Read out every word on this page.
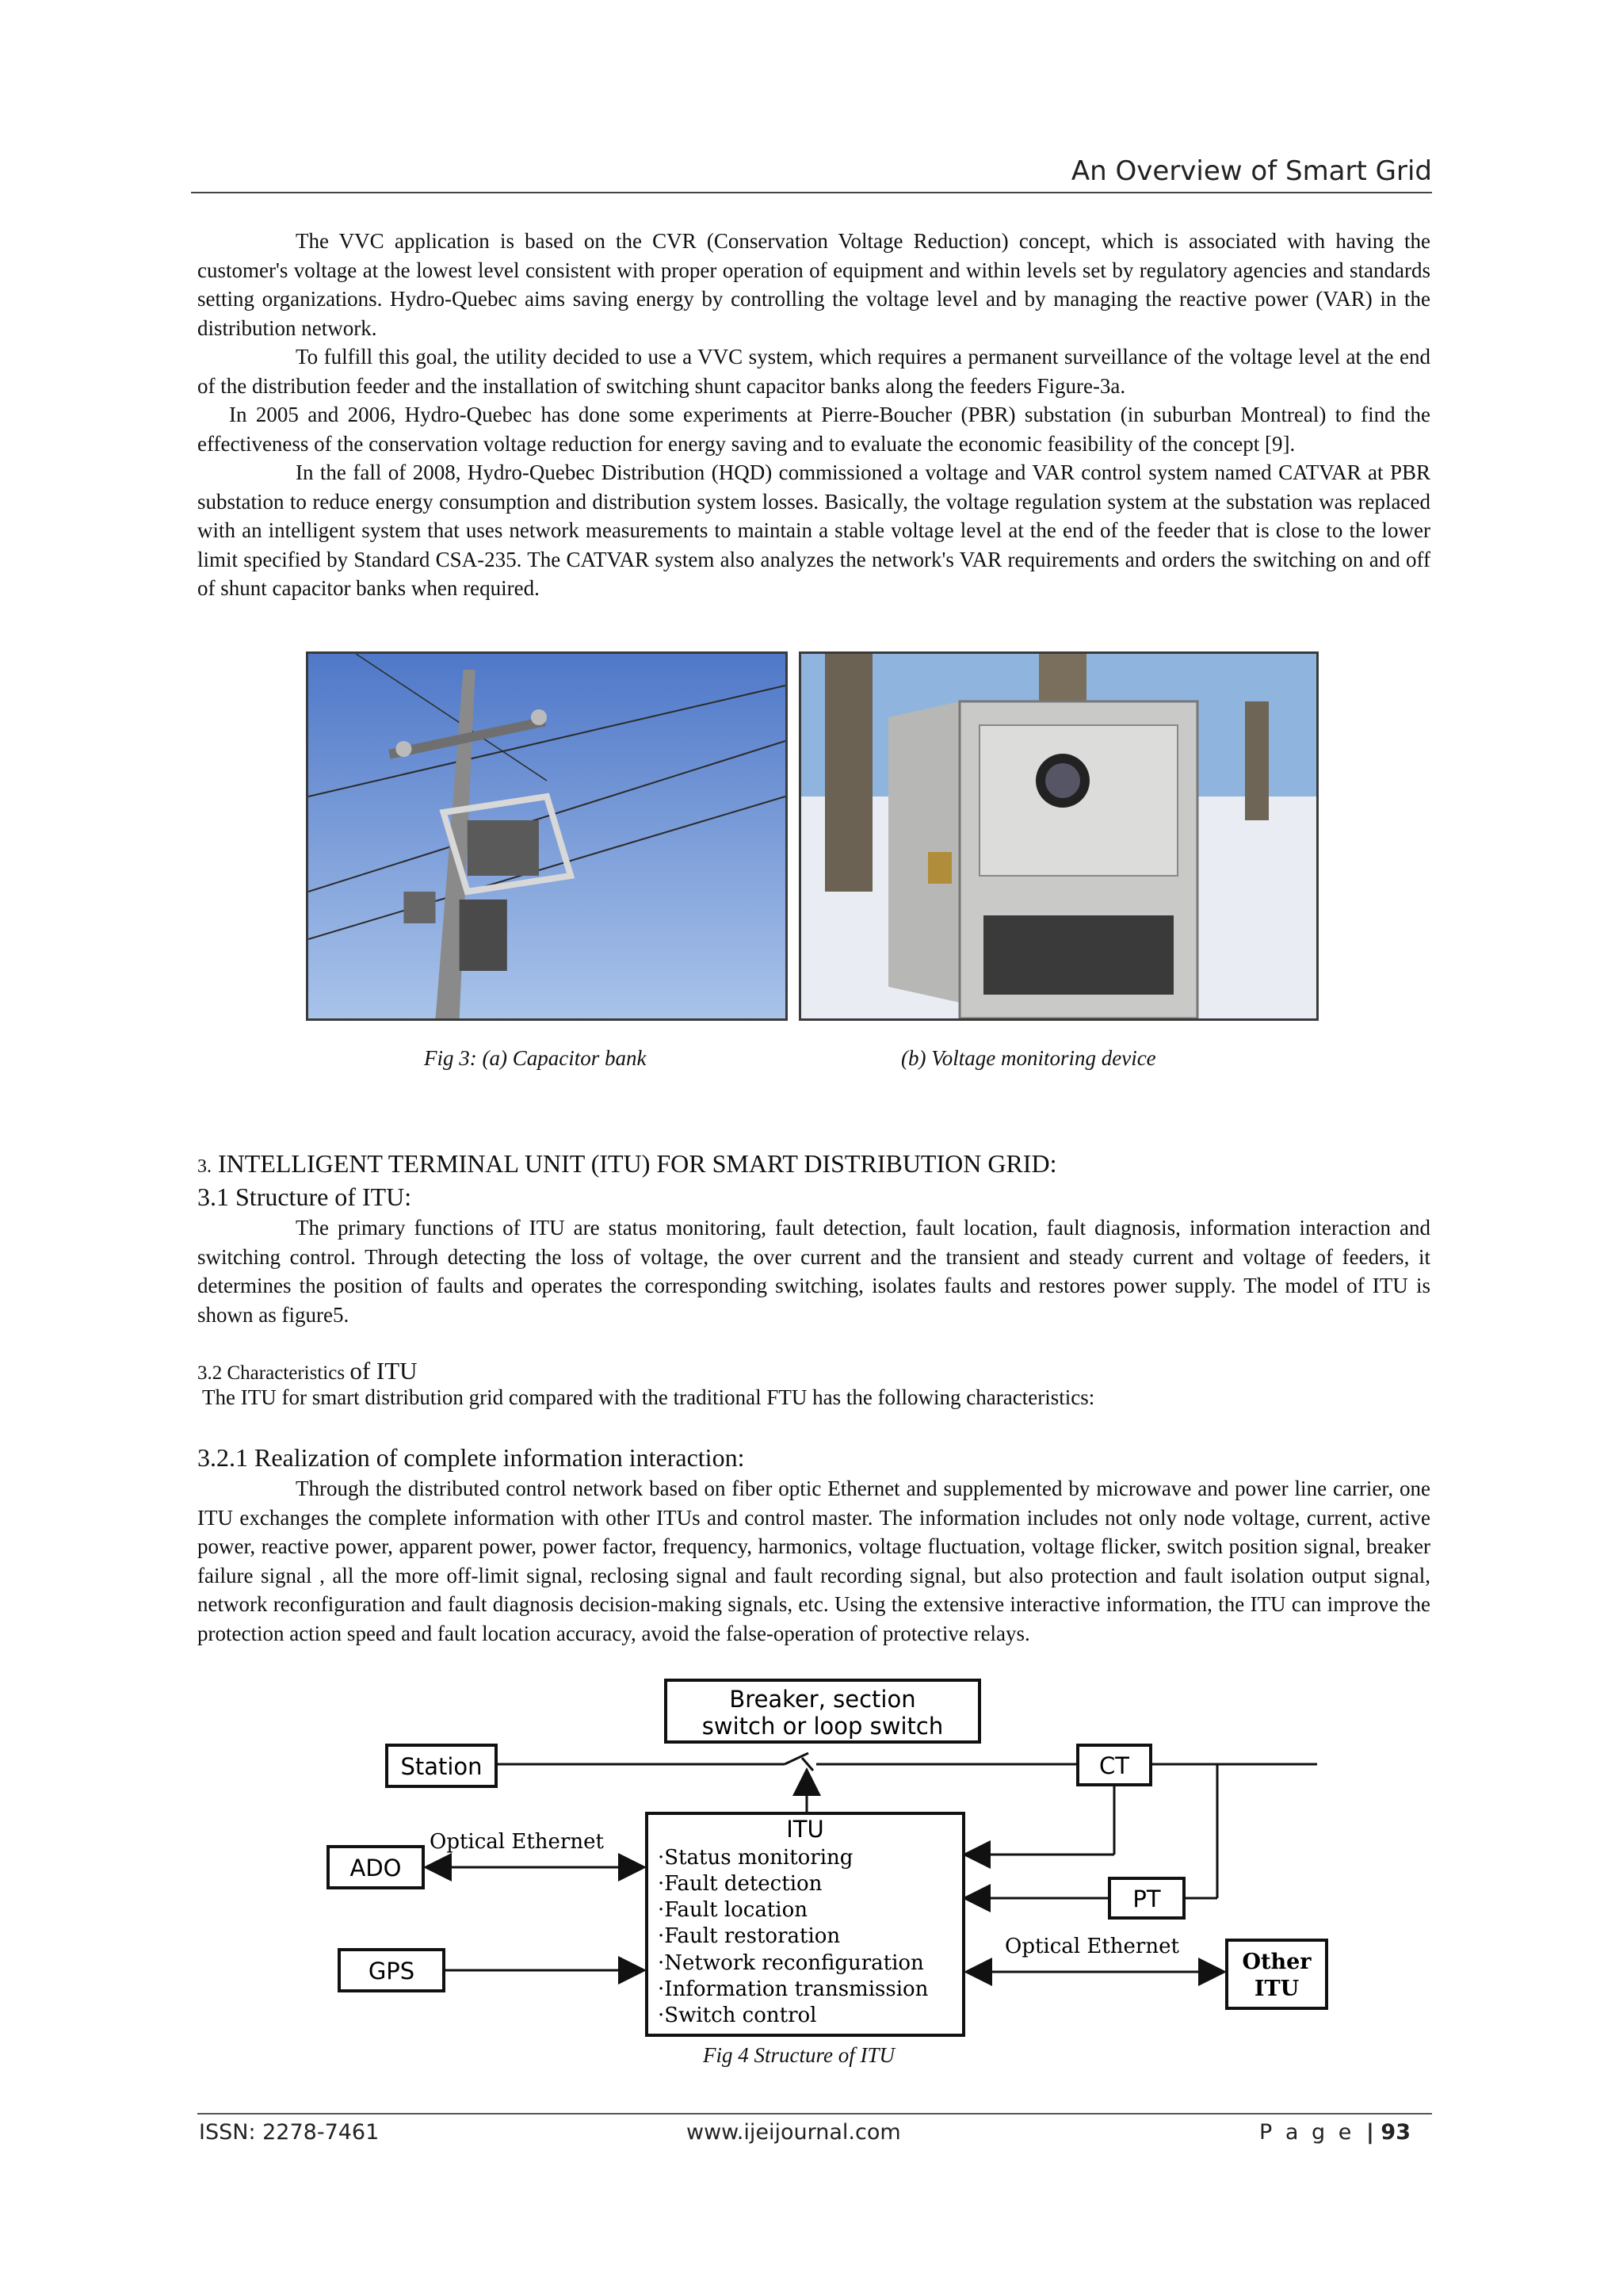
An Overview of Smart Grid

The VVC application is based on the CVR (Conservation Voltage Reduction) concept, which is associated with having the customer's voltage at the lowest level consistent with proper operation of equipment and within levels set by regulatory agencies and standards setting organizations. Hydro-Quebec aims saving energy by controlling the voltage level and by managing the reactive power (VAR) in the distribution network.

To fulfill this goal, the utility decided to use a VVC system, which requires a permanent surveillance of the voltage level at the end of the distribution feeder and the installation of switching shunt capacitor banks along the feeders Figure-3a.

In 2005 and 2006, Hydro-Quebec has done some experiments at Pierre-Boucher (PBR) substation (in suburban Montreal) to find the effectiveness of the conservation voltage reduction for energy saving and to evaluate the economic feasibility of the concept [9].

In the fall of 2008, Hydro-Quebec Distribution (HQD) commissioned a voltage and VAR control system named CATVAR at PBR substation to reduce energy consumption and distribution system losses. Basically, the voltage regulation system at the substation was replaced with an intelligent system that uses network measurements to maintain a stable voltage level at the end of the feeder that is close to the lower limit specified by Standard CSA-235. The CATVAR system also analyzes the network's VAR requirements and orders the switching on and off of shunt capacitor banks when required.

Fig 3: (a) Capacitor bank	(b) Voltage monitoring device
3. INTELLIGENT TERMINAL UNIT (ITU) FOR SMART DISTRIBUTION GRID:
3.1 Structure of ITU:

The primary functions of ITU are status monitoring, fault detection, fault location, fault diagnosis, information interaction and switching control. Through detecting the loss of voltage, the over current and the transient and steady current and voltage of feeders, it determines the position of faults and operates the corresponding switching, isolates faults and restores power supply. The model of ITU is shown as figure5.

3.2 Characteristics of ITU

The ITU for smart distribution grid compared with the traditional FTU has the following characteristics:

3.2.1 Realization of complete information interaction:

Through the distributed control network based on fiber optic Ethernet and supplemented by microwave and power line carrier, one ITU exchanges the complete information with other ITUs and control master. The information includes not only node voltage, current, active power, reactive power, apparent power, power factor, frequency, harmonics, voltage fluctuation, voltage flicker, switch position signal, breaker failure signal , all the more off-limit signal, reclosing signal and fault recording signal, but also protection and fault isolation output signal, network reconfiguration and fault diagnosis decision-making signals, etc. Using the extensive interactive information, the ITU can improve the protection action speed and fault location accuracy, avoid the false-operation of protective relays.

Breaker, section
switch or loop switch
Station	CT
ITU
·Status monitoring
·Fault detection
·Fault location
·Fault restoration
·Network reconfiguration
·Information transmission
·Switch control
ADO
Optical Ethernet
PT
GPS	Other
ITU
Optical Ethernet
Fig 4 Structure of ITU
ISSN: 2278-7461	www.ijeijournal.com	P a g e | 93
